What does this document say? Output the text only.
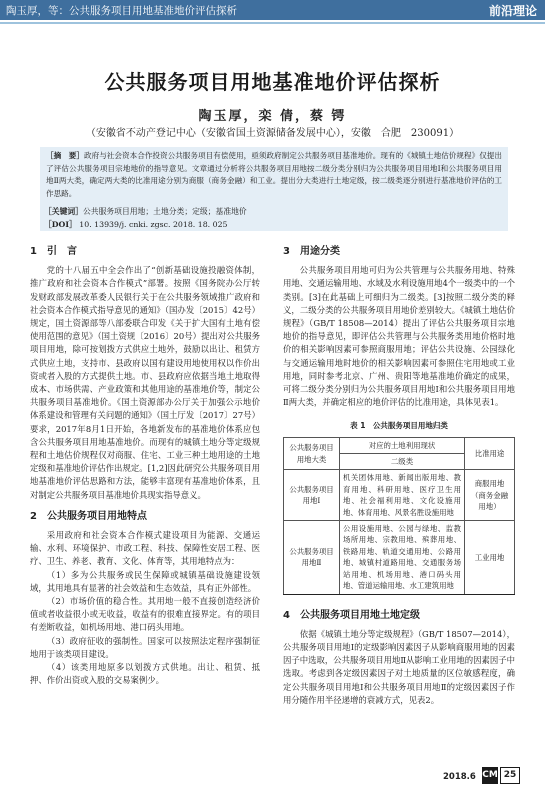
陶玉厚，等：公共服务项目用地基准地价评估探析	前沿理论
公共服务项目用地基准地价评估探析
陶玉厚，栾 倩，蔡 锷
（安徽省不动产登记中心（安徽省国土资源储备发展中心），安徽　合肥　230091）
［摘　要］政府与社会资本合作投资公共服务项目有偿使用，亟须政府制定公共服务项目基准地价。现有的《城镇土地估价规程》仅提出了评估公共服务项目宗地地价的指导意见。文章通过分析将公共服务项目用地按二级分类分别归为公共服务项目用地Ⅰ和公共服务项目用地Ⅱ两大类，确定两大类的比准用途分别为商服（商务金融）和工业。提出分大类进行土地定级，按二级类逐分别进行基准地价评估的工作思路。
［关键词］公共服务项目用地；土地分类；定级；基准地价
［DOI］ 10. 13939/j. cnki. zgsc. 2018. 18. 025
1 引　言

党的十八届五中全会作出了“创新基础设施投融资体制，推广政府和社会资本合作模式”部署。按照《国务院办公厅转发财政部发展改革委人民银行关于在公共服务领域推广政府和社会资本合作模式指导意见的通知》（国办发〔2015〕42号）规定，国土资源部等八部委联合印发《关于扩大国有土地有偿使用范围的意见》（国土资规〔2016〕20号）提出对公共服务项目用地，除可按划拨方式供应土地外，鼓励以出让、租赁方式供应土地，支持市、县政府以国有建设用地使用权以作价出资或者入股的方式提供土地。市、县政府应依据当地土地取得成本、市场供需、产业政策和其他用途的基准地价等，制定公共服务项目基准地价。《国土资源部办公厅关于加强公示地价体系建设和管理有关问题的通知》（国土厅发〔2017〕27号）要求，2017年8月1日开始，各地新发布的基准地价体系应包含公共服务项目用地基准地价。而现有的城镇土地分等定级规程和土地估价规程仅对商服、住宅、工业三种土地用途的土地定级和基准地价评估作出规定。[1,2]因此研究公共服务项目用地基准地价评估思路和方法，能够丰富现有基准地价体系，且对制定公共服务项目基准地价具现实指导意义。

2 公共服务项目用地特点

采用政府和社会资本合作模式建设项目为能源、交通运输、水利、环境保护、市政工程、科技、保障性安居工程、医疗、卫生、养老、教育、文化、体育等，其用地特点为：

（1）多为公共服务或民生保障或城镇基础设施建设领域，其用地具有显著的社会效益和生态效益，具有正外部性。

（2）市场价值的稳合性。其用地一般不直接创造经济价值或者收益很小或无收益，收益有的很难直接界定。有的项目有差断收益，如机场用地、港口码头用地。

（3）政府征收的强制性。国家可以按照法定程序强制征地用于该类项目建设。

（4）该类用地原多以划拨方式供地。出让、租赁、抵押、作价出资或入股的交易案例少。

3 用途分类

公共服务项目用地可归为公共管理与公共服务用地、特殊用地、交通运输用地、水域及水利设施用地4个一级类中的一个类别。[3]在此基础上可细归为二级类。[3]按照二级分类的释义，二级分类的公共服务项目用地价差别较大。《城镇土地估价规程》（GB/T 18508—2014）提出了评估公共服务项目宗地地价的指导意见，即评估公共管理与公共服务类用地价格时地价的相关影响因素可参照商服用地；评估公共设施、公园绿化与交通运输用地时地价的相关影响因素可参照住宅用地或工业用地，同时参考北京、广州、贵阳等地基准地价确定的成果，可将二级分类分别归为公共服务项目用地Ⅰ和公共服务项目用地Ⅱ两大类，并确定相应的地价评估的比准用途，具体见表1。

表 1　公共服务项目用地归类
公共服务项目用地大类	对应的土地利用现状	比准用途
	二级类	
公共服务项目用地Ⅰ	机关团体用地、新闻出版用地、教育用地、科研用地、医疗卫生用地、社会福利用地、文化设施用地、体育用地、风景名胜设施用地	商服用地（商务金融用地）
公共服务项目用地Ⅱ	公用设施用地、公园与绿地、监教场所用地、宗教用地、殡葬用地、铁路用地、轨道交通用地、公路用地、城镇村道路用地、交通服务场站用地、机场用地、港口码头用地、管道运输用地、水工建筑用地	工业用地
4 公共服务项目用地土地定级

依据《城镇土地分等定级规程》（GB/T 18507—2014），公共服务项目用地Ⅰ的定级影响因素因子从影响商服用地的因素因子中选取，公共服务项目用地Ⅱ从影响工业用地的因素因子中选取。考虑到各定级因素因子对土地质量的区位敏感程度，确定公共服务项目用地Ⅰ和公共服务项目用地Ⅱ的定级因素因子作用分随作用半径递增的衰减方式，见表2。

2018.6 CM 25
